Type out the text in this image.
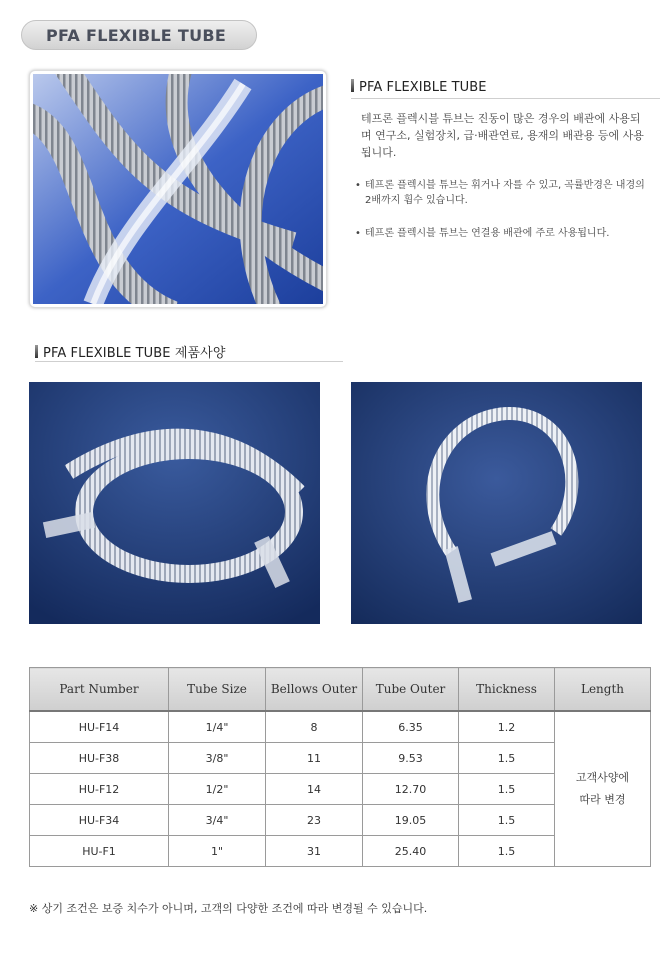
PFA FLEXIBLE TUBE
PFA FLEXIBLE TUBE
테프론 플렉시블 튜브는 진동이 많은 경우의 배관에 사용되며 연구소, 실험장치, 급·배관연료, 용재의 배관용 등에 사용됩니다.
• 테프론 플렉시블 튜브는 휘거나 자를 수 있고, 곡률반경은 내경의 2배까지 휨수 있습니다.
• 테프론 플렉시블 튜브는 연결용 배관에 주로 사용됩니다.
PFA FLEXIBLE TUBE 제품사양
Part Number	Tube Size	Bellows Outer	Tube Outer	Thickness	Length
HU-F14	1/4"	8	6.35	1.2	고객사양에
따라 변경
HU-F38	3/8"	11	9.53	1.5	
HU-F12	1/2"	14	12.70	1.5	
HU-F34	3/4"	23	19.05	1.5	
HU-F1	1"	31	25.40	1.5	
※ 상기 조건은 보증 치수가 아니며, 고객의 다양한 조건에 따라 변경될 수 있습니다.
